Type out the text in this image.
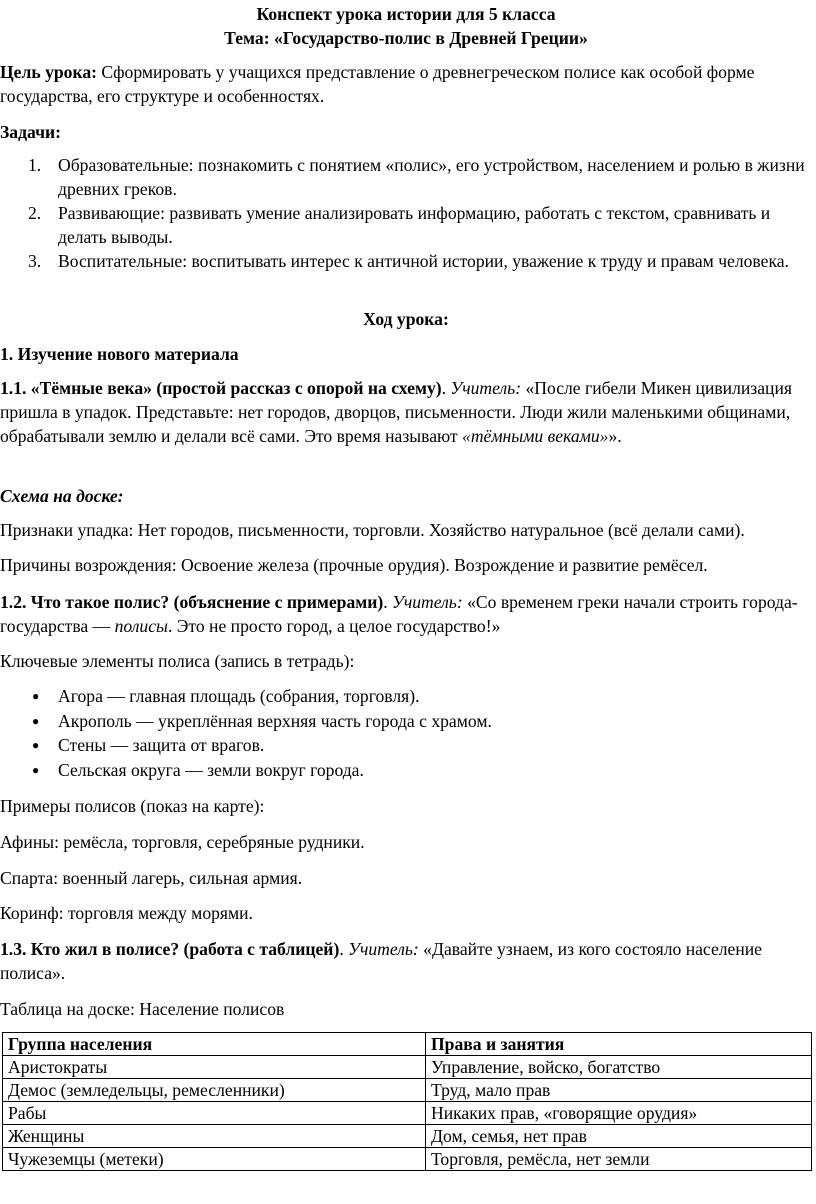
Конспект урока истории для 5 класса
Тема: «Государство-полис в Древней Греции»

Цель урока: Сформировать у учащихся представление о древнегреческом полисе как особой форме государства, его структуре и особенностях.

Задачи:

1. Образовательные: познакомить с понятием «полис», его устройством, населением и ролью в жизни древних греков.
2. Развивающие: развивать умение анализировать информацию, работать с текстом, сравнивать и делать выводы.
3. Воспитательные: воспитывать интерес к античной истории, уважение к труду и правам человека.

Ход урока:

1. Изучение нового материала

1.1. «Тёмные века» (простой рассказ с опорой на схему). Учитель: «После гибели Микен цивилизация пришла в упадок. Представьте: нет городов, дворцов, письменности. Люди жили маленькими общинами, обрабатывали землю и делали всё сами. Это время называют «тёмными веками»».

Схема на доске:

Признаки упадка: Нет городов, письменности, торговли. Хозяйство натуральное (всё делали сами).

Причины возрождения: Освоение железа (прочные орудия). Возрождение и развитие ремёсел.

1.2. Что такое полис? (объяснение с примерами). Учитель: «Со временем греки начали строить города-государства — полисы. Это не просто город, а целое государство!»

Ключевые элементы полиса (запись в тетрадь):

● Агора — главная площадь (собрания, торговля).
● Акрополь — укреплённая верхняя часть города с храмом.
● Стены — защита от врагов.
● Сельская округа — земли вокруг города.

Примеры полисов (показ на карте):

Афины: ремёсла, торговля, серебряные рудники.

Спарта: военный лагерь, сильная армия.

Коринф: торговля между морями.

1.3. Кто жил в полисе? (работа с таблицей). Учитель: «Давайте узнаем, из кого состояло население полиса».

Таблица на доске: Население полисов

Группа населения	Права и занятия
Аристократы	Управление, войско, богатство
Демос (земледельцы, ремесленники)	Труд, мало прав
Рабы	Никаких прав, «говорящие орудия»
Женщины	Дом, семья, нет прав
Чужеземцы (метеки)	Торговля, ремёсла, нет земли
